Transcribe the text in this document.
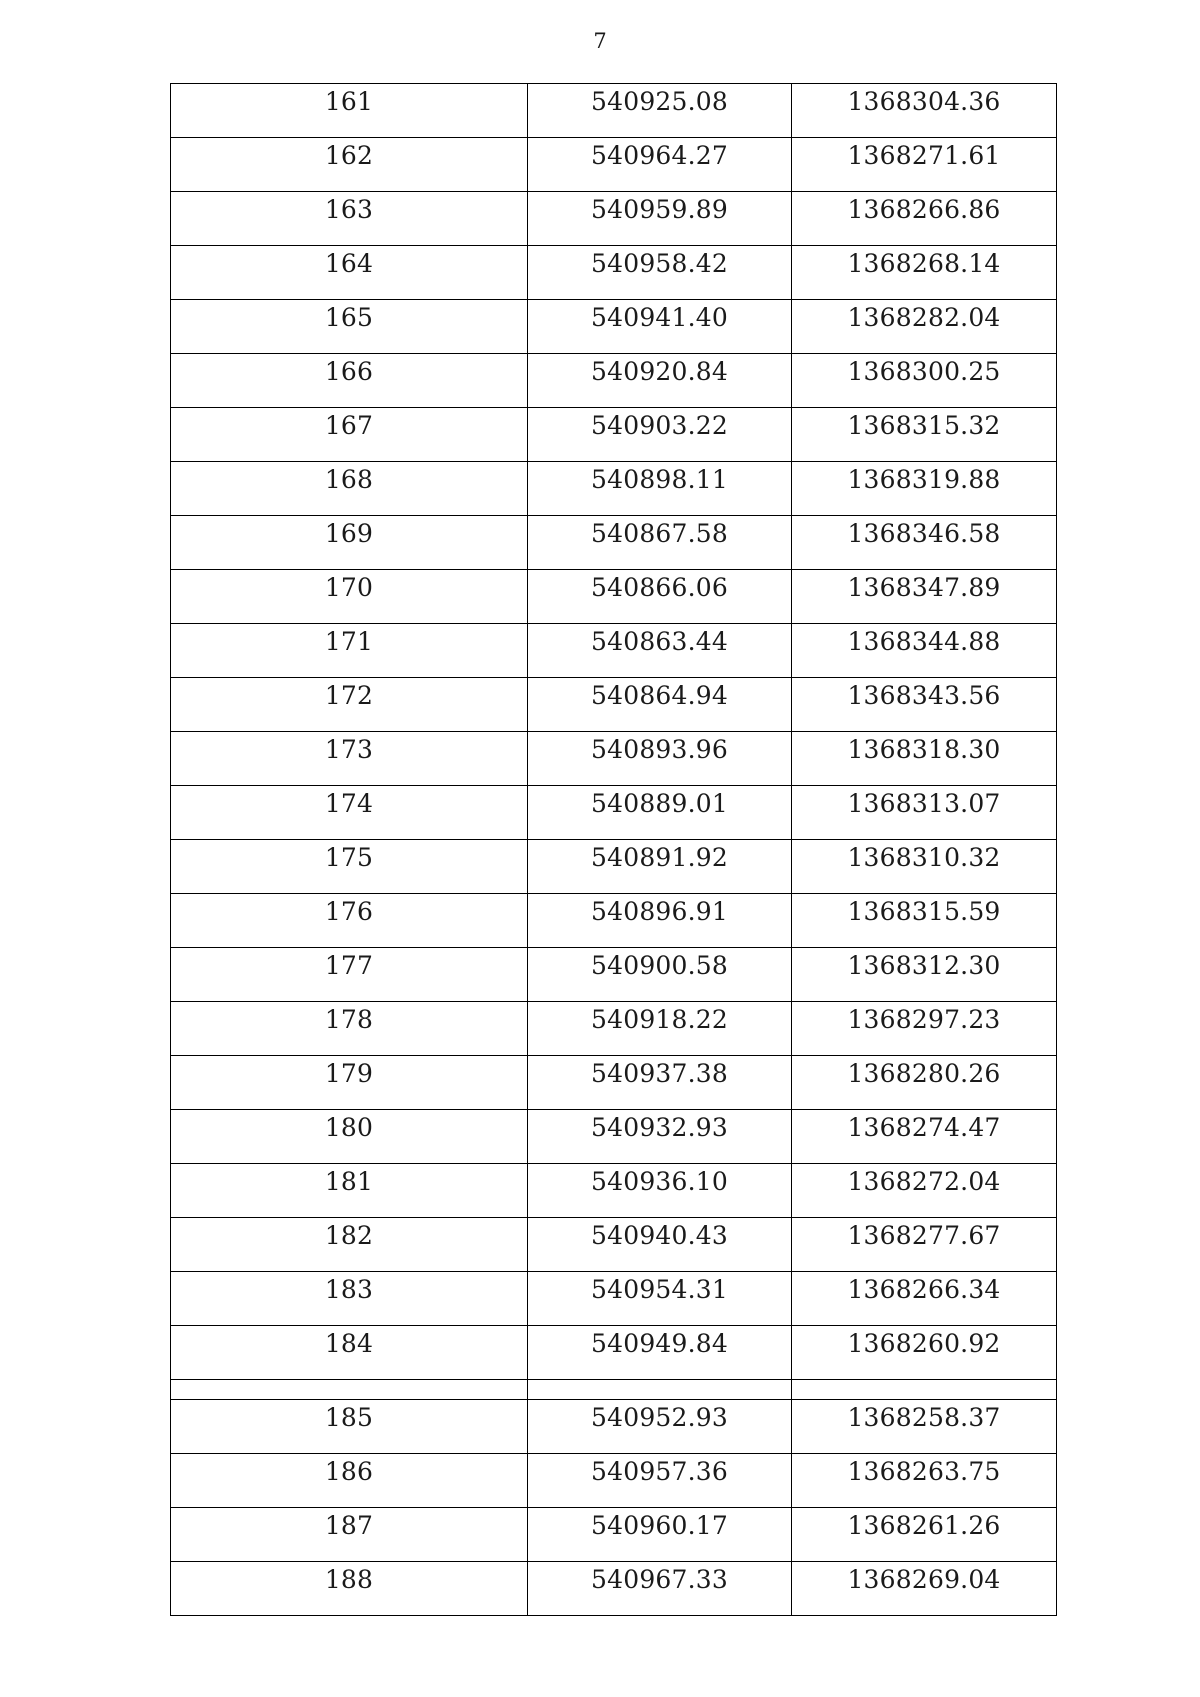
7
161	540925.08	1368304.36
162	540964.27	1368271.61
163	540959.89	1368266.86
164	540958.42	1368268.14
165	540941.40	1368282.04
166	540920.84	1368300.25
167	540903.22	1368315.32
168	540898.11	1368319.88
169	540867.58	1368346.58
170	540866.06	1368347.89
171	540863.44	1368344.88
172	540864.94	1368343.56
173	540893.96	1368318.30
174	540889.01	1368313.07
175	540891.92	1368310.32
176	540896.91	1368315.59
177	540900.58	1368312.30
178	540918.22	1368297.23
179	540937.38	1368280.26
180	540932.93	1368274.47
181	540936.10	1368272.04
182	540940.43	1368277.67
183	540954.31	1368266.34
184	540949.84	1368260.92

185	540952.93	1368258.37
186	540957.36	1368263.75
187	540960.17	1368261.26
188	540967.33	1368269.04
